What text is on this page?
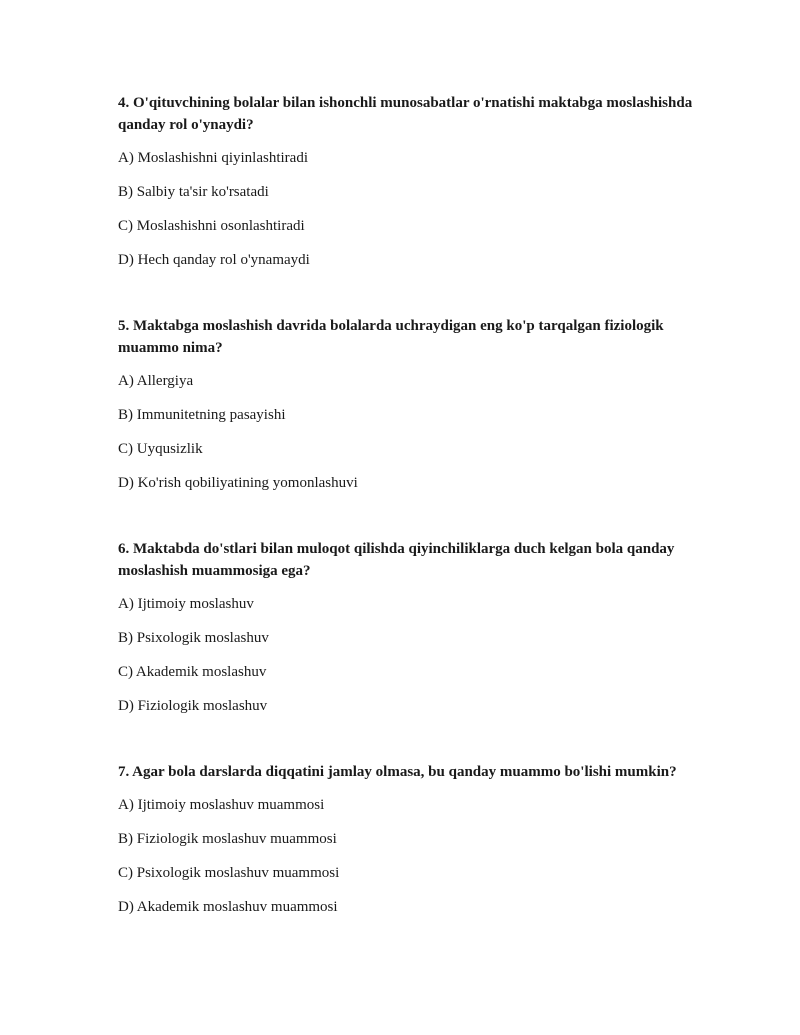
4. O'qituvchining bolalar bilan ishonchli munosabatlar o'rnatishi maktabga moslashishda qanday rol o'ynaydi?

A) Moslashishni qiyinlashtiradi
B) Salbiy ta'sir ko'rsatadi
C) Moslashishni osonlashtiradi
D) Hech qanday rol o'ynamaydi

5. Maktabga moslashish davrida bolalarda uchraydigan eng ko'p tarqalgan fiziologik muammo nima?

A) Allergiya
B) Immunitetning pasayishi
C) Uyqusizlik
D) Ko'rish qobiliyatining yomonlashuvi

6. Maktabda do'stlari bilan muloqot qilishda qiyinchiliklarga duch kelgan bola qanday moslashish muammosiga ega?

A) Ijtimoiy moslashuv
B) Psixologik moslashuv
C) Akademik moslashuv
D) Fiziologik moslashuv

7. Agar bola darslarda diqqatini jamlay olmasa, bu qanday muammo bo'lishi mumkin?

A) Ijtimoiy moslashuv muammosi
B) Fiziologik moslashuv muammosi
C) Psixologik moslashuv muammosi
D) Akademik moslashuv muammosi
